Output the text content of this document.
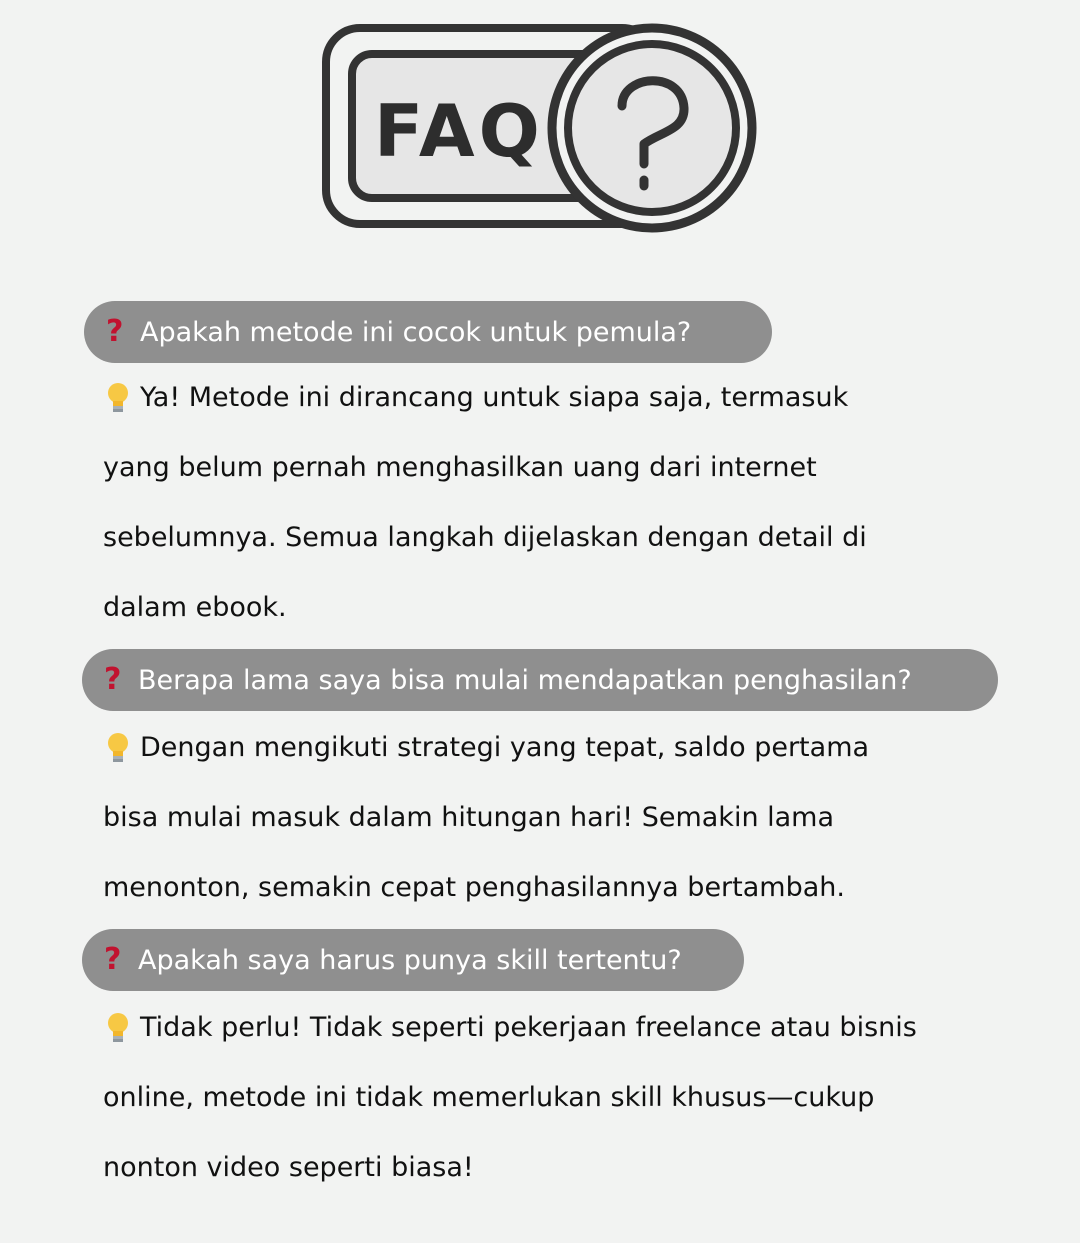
FAQ
? Apakah metode ini cocok untuk pemula?
Ya! Metode ini dirancang untuk siapa saja, termasuk
yang belum pernah menghasilkan uang dari internet
sebelumnya. Semua langkah dijelaskan dengan detail di
dalam ebook.
? Berapa lama saya bisa mulai mendapatkan penghasilan?
Dengan mengikuti strategi yang tepat, saldo pertama
bisa mulai masuk dalam hitungan hari! Semakin lama
menonton, semakin cepat penghasilannya bertambah.
? Apakah saya harus punya skill tertentu?
Tidak perlu! Tidak seperti pekerjaan freelance atau bisnis
online, metode ini tidak memerlukan skill khusus—cukup
nonton video seperti biasa!
